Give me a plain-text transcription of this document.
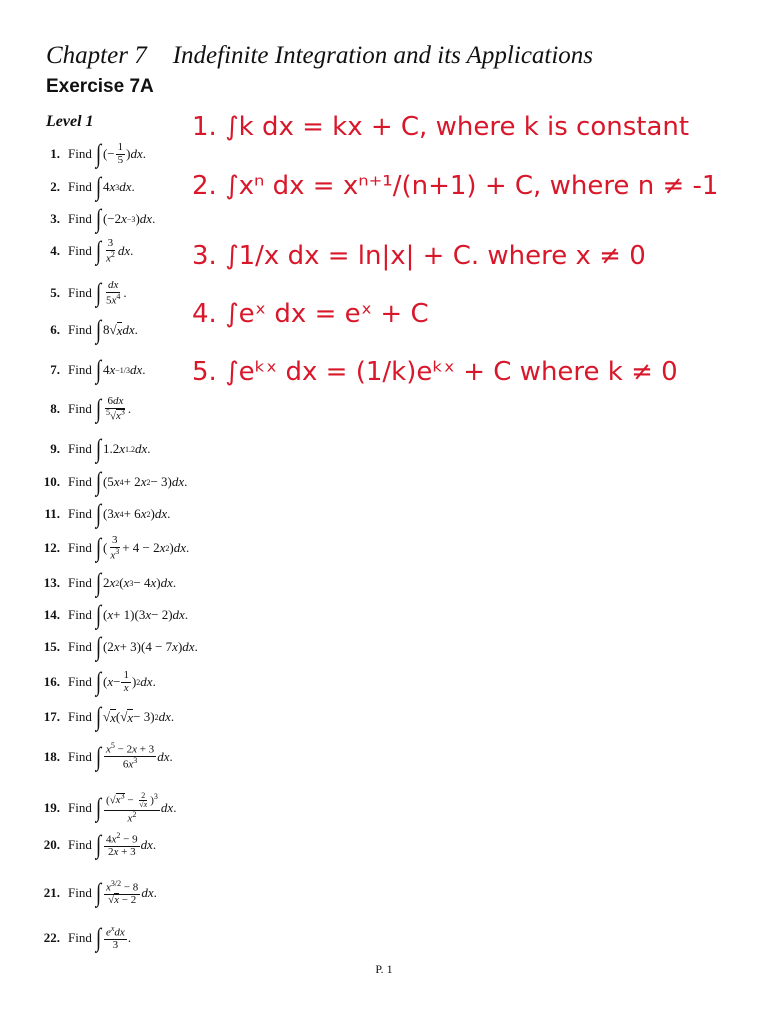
Chapter 7 Indefinite Integration and its Applications
Exercise 7A
Level 1
1. Find ∫ (− $\frac{1}{5}$ ) dx .
2. Find ∫ 4 x 3 dx .
3. Find ∫ (−2 x −3 ) dx .
4. Find ∫ $\frac{3}{x^2}$ dx .
5. Find ∫ $\frac{dx}{5x^4}$ .
6. Find ∫ 8√ x dx .
7. Find ∫ 4 x −1/3 dx .
8. Find ∫ $\frac{6dx}{^5√x^3}$ .
9. Find ∫ 1.2 x 1.2 dx .
10. Find ∫ (5 x 4 + 2 x 2 − 3) dx .
11. Find ∫ (3 x 4 + 6 x 2 ) dx .
12. Find ∫ ( $\frac{3}{x^3} + 4 - 2$ x 2 ) dx .
13. Find ∫ 2 x 2 ( x 3 − 4 x ) dx .
14. Find ∫ ( x + 1)(3 x − 2) dx .
15. Find ∫ (2 x + 3)(4 − 7 x ) dx .
16. Find ∫ ( $x - \frac{1}{x}$ ) 2 dx .
17. Find ∫ √ x (√ x − 3) 2 dx .
18. Find ∫ $\frac{x^5 - 2x + 3}{6x^3}$ dx .
19. Find ∫ $\frac{(√x^3 - \frac{2}{√x} )^3}{x^2}$ dx .
20. Find ∫ $\frac{4x^2 - 9}{2x + 3}$ dx .
21. Find ∫ $\frac{x^{3/2} - 8}{√x - 2}$ dx .
22. Find ∫ $\frac{e^xdx}{3}$ .
1. ∫k dx = kx + C, where k is constant
2. ∫xⁿ dx = xⁿ⁺¹/(n+1) + C, where n ≠ -1
3. ∫1/x dx = ln|x| + C. where x ≠ 0
4. ∫eˣ dx = eˣ + C
5. ∫eᵏˣ dx = (1/k)eᵏˣ + C where k ≠ 0
P. 1
